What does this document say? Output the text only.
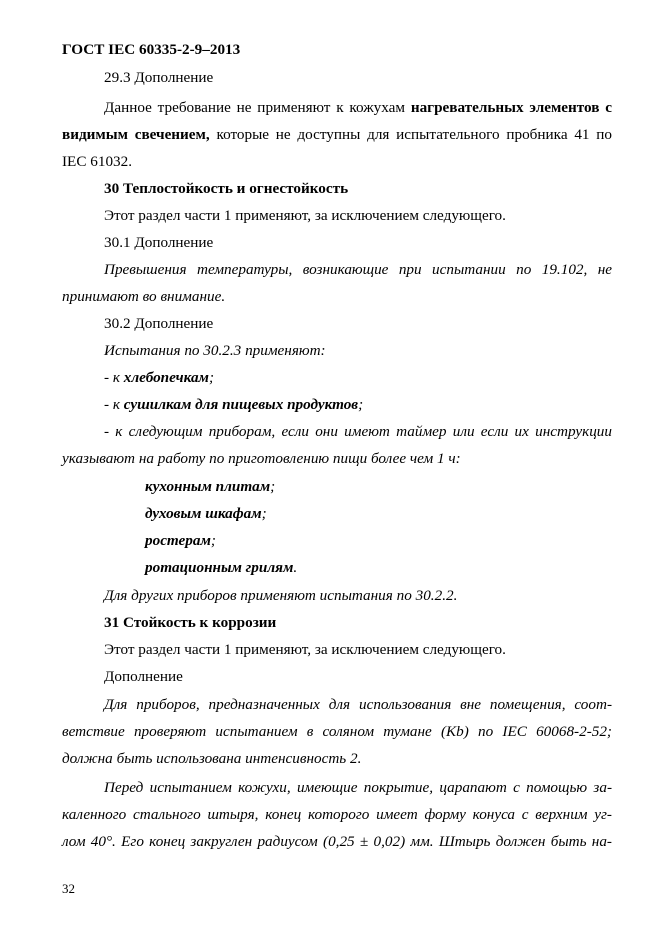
ГОСТ IEC 60335-2-9–2013
29.3 Дополнение
Данное требование не применяют к кожухам нагревательных элементов с
видимым свечением, которые не доступны для испытательного пробника 41 по
IEC 61032.
30 Теплостойкость и огнестойкость
Этот раздел части 1 применяют, за исключением следующего.
30.1 Дополнение
Превышения температуры, возникающие при испытании по 19.102, не
принимают во внимание.
30.2 Дополнение
Испытания по 30.2.3 применяют:
- к хлебопечкам;
- к сушилкам для пищевых продуктов;
- к следующим приборам, если они имеют таймер или если их инструкции
указывают на работу по приготовлению пищи более чем 1 ч:
кухонным плитам;
духовым шкафам;
ростерам;
ротационным грилям.
Для других приборов применяют испытания по 30.2.2.
31 Стойкость к коррозии
Этот раздел части 1 применяют, за исключением следующего.
Дополнение
Для приборов, предназначенных для использования вне помещения, соот-
ветствие проверяют испытанием в соляном тумане (Kb) по IEC 60068-2-52;
должна быть использована интенсивность 2.
Перед испытанием кожухи, имеющие покрытие, царапают с помощью за-
каленного стального штыря, конец которого имеет форму конуса с верхним уг-
лом 40°. Его конец закруглен радиусом (0,25 ± 0,02) мм. Штырь должен быть на-
32
